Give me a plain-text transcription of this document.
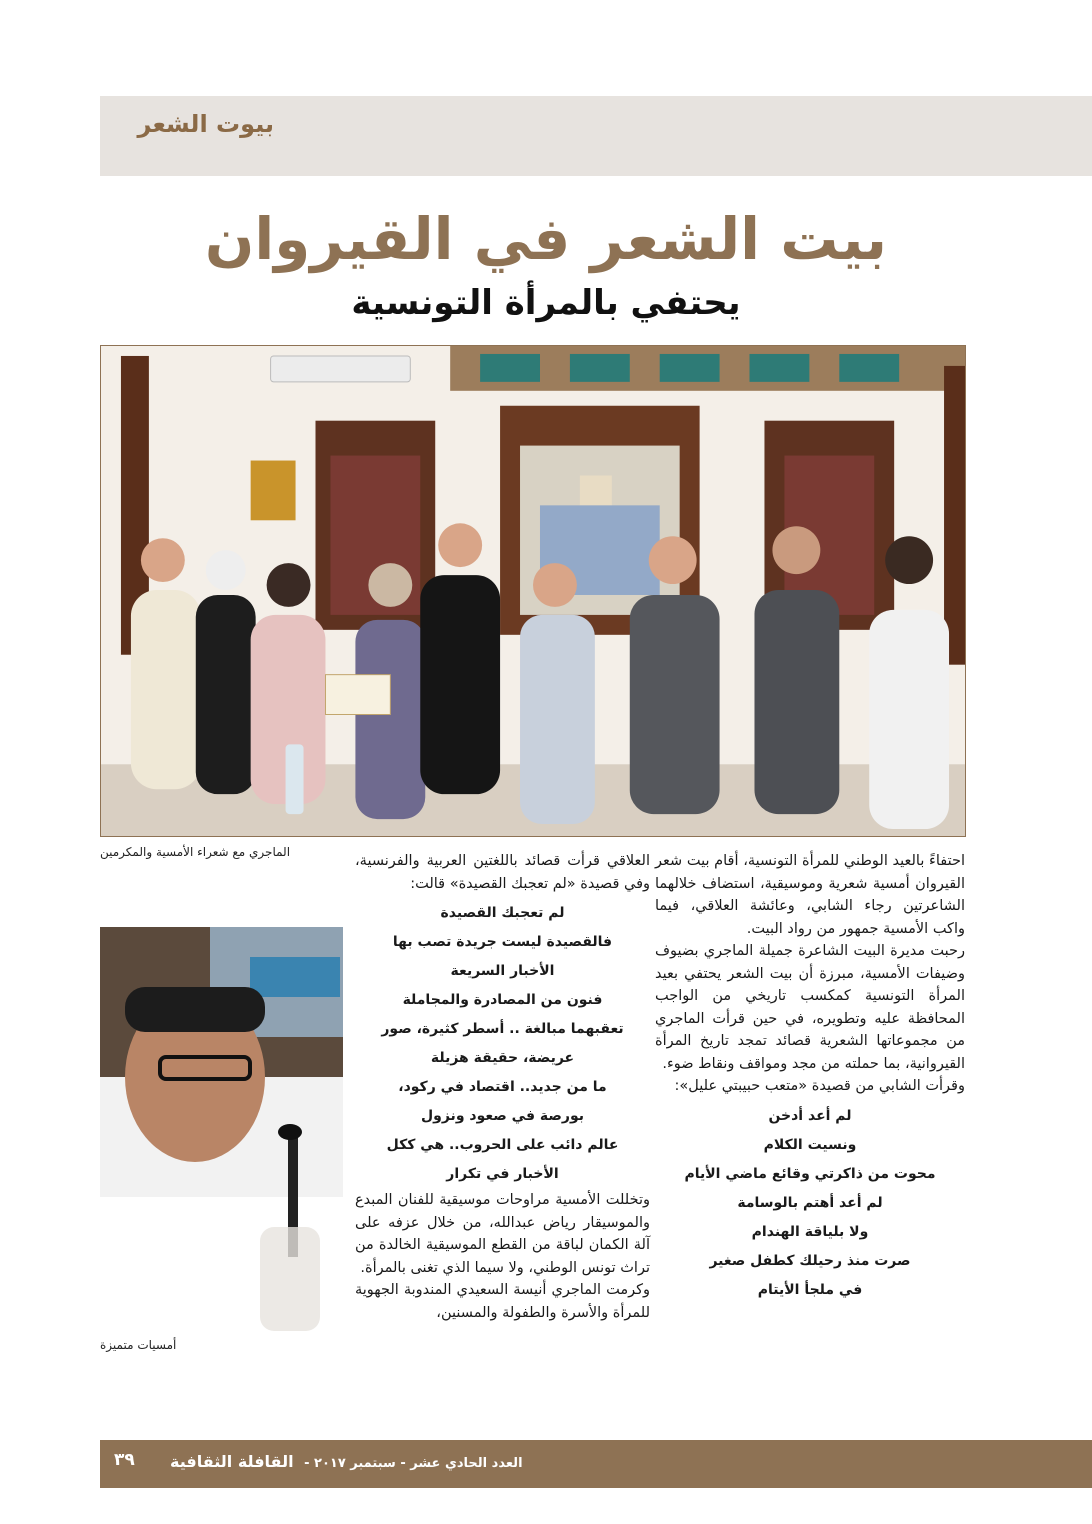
بيوت الشعر
بيت الشعر في القيروان
يحتفي بالمرأة التونسية
الماجري مع شعراء الأمسية والمكرمين
أمسيات متميزة

احتفاءً بالعيد الوطني للمرأة التونسية، أقام بيت شعر القيروان أمسية شعرية وموسيقية، استضاف خلالهما الشاعرتين رجاء الشابي، وعائشة العلاقي، فيما واكب الأمسية جمهور من رواد البيت.

رحبت مديرة البيت الشاعرة جميلة الماجري بضيوف وضيفات الأمسية، مبرزة أن بيت الشعر يحتفي بعيد المرأة التونسية كمكسب تاريخي من الواجب المحافظة عليه وتطويره، في حين قرأت الماجري من مجموعاتها الشعرية قصائد تمجد تاريخ المرأة القيروانية، بما حملته من مجد ومواقف ونقاط ضوء.

وقرأت الشابي من قصيدة «متعب حبيبتي عليل»:

لم أعد أدخن
ونسيت الكلام
محوت من ذاكرتي وقائع ماضي الأيام
لم أعد أهتم بالوسامة
ولا بلياقة الهندام
صرت منذ رحيلك كطفل صغير
في ملجأ الأيتام

العلاقي قرأت قصائد باللغتين العربية والفرنسية، وفي قصيدة «لم تعجبك القصيدة» قالت:

لم تعجبك القصيدة
فالقصيدة ليست جريدة تصب بها
الأخبار السريعة
فنون من المصادرة والمجاملة
تعقبهما مبالغة .. أسطر كثيرة، صور
عريضة، حقيقة هزيلة
ما من جديد.. اقتصاد في ركود،
بورصة في صعود ونزول
عالم دائب على الحروب.. هي ككل
الأخبار في تكرار

وتخللت الأمسية مراوحات موسيقية للفنان المبدع والموسيقار رياض عبدالله، من خلال عزفه على آلة الكمان لباقة من القطع الموسيقية الخالدة من تراث تونس الوطني، ولا سيما الذي تغنى بالمرأة.

وكرمت الماجري أنيسة السعيدي المندوبة الجهوية للمرأة والأسرة والطفولة والمسنين،

٣٩	العدد الحادي عشر - سبتمبر ٢٠١٧ - القافلة الثقافية
